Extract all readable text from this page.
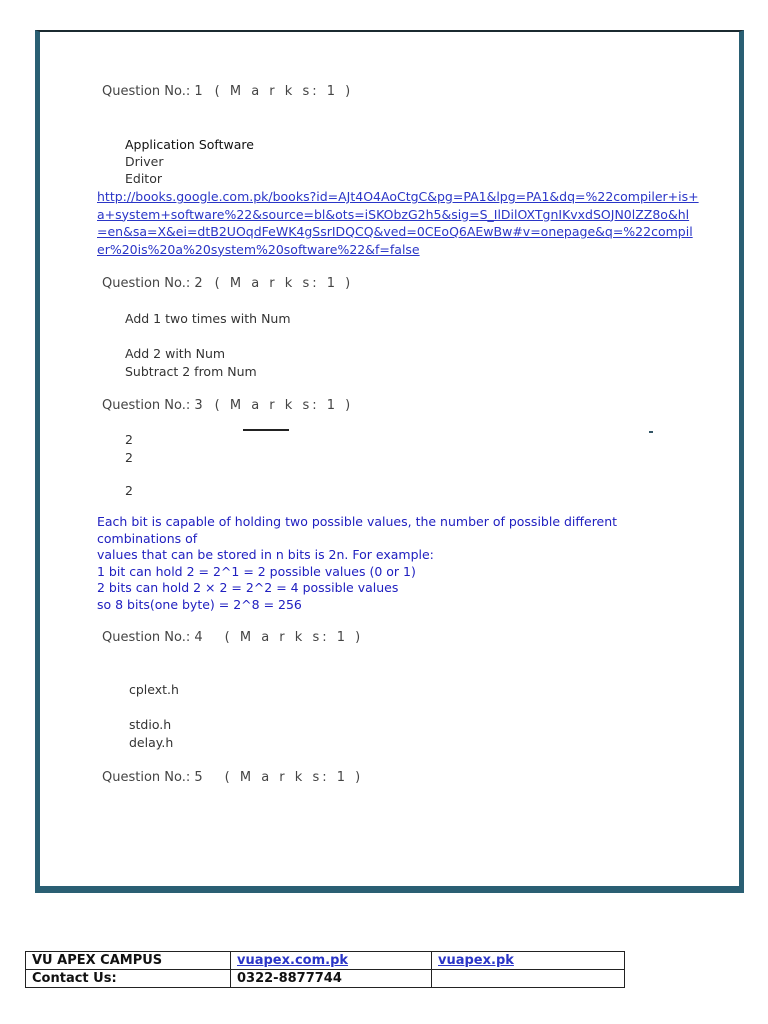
Question No.: 1 ( M a r k s: 1 )
Application Software
Driver
Editor
http://books.google.com.pk/books?id=AJt4O4AoCtgC&pg=PA1&lpg=PA1&dq=%22compiler+is+
a+system+software%22&source=bl&ots=iSKObzG2h5&sig=S_IlDilOXTgnIKvxdSOJN0lZZ8o&hl
=en&sa=X&ei=dtB2UOqdFeWK4gSsrIDQCQ&ved=0CEoQ6AEwBw#v=onepage&q=%22compil
er%20is%20a%20system%20software%22&f=false
Question No.: 2 ( M a r k s: 1 )
Add 1 two times with Num
Add 2 with Num
Subtract 2 from Num
Question No.: 3 ( M a r k s: 1 )
2
2
2
Each bit is capable of holding two possible values, the number of possible different
combinations of
values that can be stored in n bits is 2n. For example:
1 bit can hold 2 = 2^1 = 2 possible values (0 or 1)
2 bits can hold 2 × 2 = 2^2 = 4 possible values
so 8 bits(one byte) = 2^8 = 256
Question No.: 4 ( M a r k s: 1 )
cplext.h
stdio.h
delay.h
Question No.: 5 ( M a r k s: 1 )
VU APEX CAMPUS	vuapex.com.pk	vuapex.pk
Contact Us:	0322-8877744	
